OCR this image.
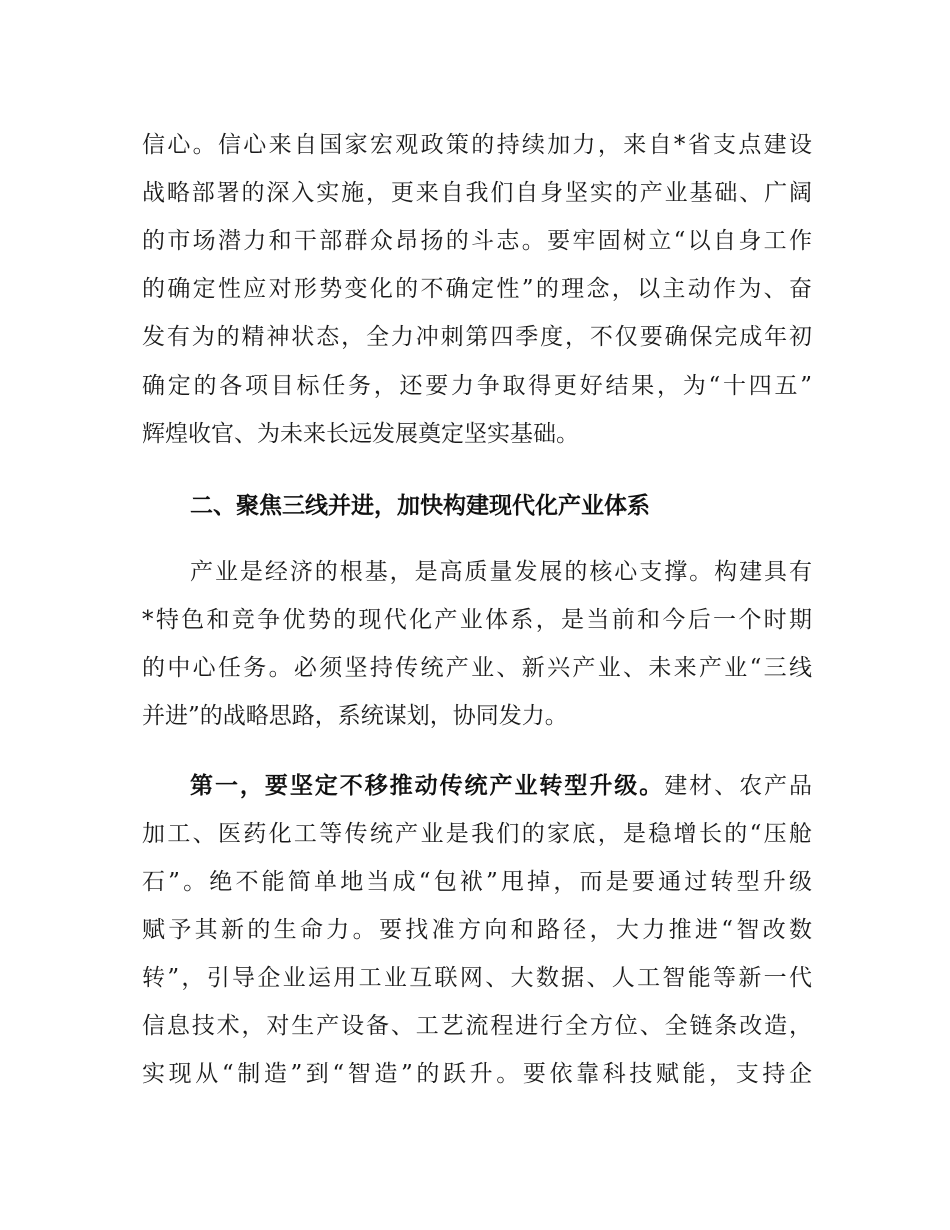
信心。信心来自国家宏观政策的持续加力，来自*省支点建设
战略部署的深入实施，更来自我们自身坚实的产业基础、广阔
的市场潜力和干部群众昂扬的斗志。要牢固树立“以自身工作
的确定性应对形势变化的不确定性”的理念，以主动作为、奋
发有为的精神状态，全力冲刺第四季度，不仅要确保完成年初
确定的各项目标任务，还要力争取得更好结果，为“十四五”
辉煌收官、为未来长远发展奠定坚实基础。
二、聚焦三线并进，加快构建现代化产业体系
产业是经济的根基，是高质量发展的核心支撑。构建具有
*特色和竞争优势的现代化产业体系，是当前和今后一个时期
的中心任务。必须坚持传统产业、新兴产业、未来产业“三线
并进”的战略思路，系统谋划，协同发力。
第一，要坚定不移推动传统产业转型升级。建材、农产品
加工、医药化工等传统产业是我们的家底，是稳增长的“压舱
石”。绝不能简单地当成“包袱”甩掉，而是要通过转型升级
赋予其新的生命力。要找准方向和路径，大力推进“智改数
转”，引导企业运用工业互联网、大数据、人工智能等新一代
信息技术，对生产设备、工艺流程进行全方位、全链条改造，
实现从“制造”到“智造”的跃升。要依靠科技赋能，支持企
